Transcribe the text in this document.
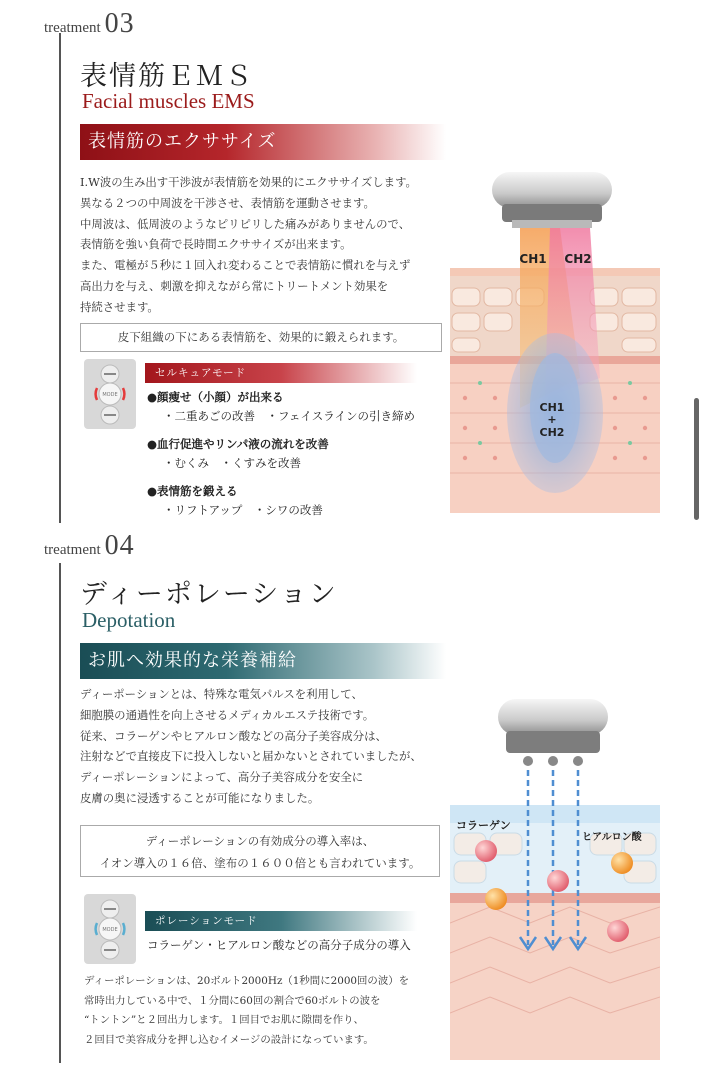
treatment 03
表情筋ＥＭＳ
Facial muscles EMS
表情筋のエクササイズ
I.W波の生み出す干渉波が表情筋を効果的にエクササイズします。
異なる２つの中周波を干渉させ、表情筋を運動させます。
中周波は、低周波のようなピリピリした痛みがありませんので、
表情筋を強い負荷で長時間エクササイズが出来ます。
また、電極が５秒に１回入れ変わることで表情筋に慣れを与えず
高出力を与え、刺激を抑えながら常にトリートメント効果を
持続させます。
皮下組織の下にある表情筋を、効果的に鍛えられます。
MODE
セルキュアモード
●顔瘦せ（小顔）が出来る
・二重あごの改善　・フェイスラインの引き締め
●血行促進やリンパ液の流れを改善
・むくみ　・くすみを改善
●表情筋を鍛える
・リフトアップ　・シワの改善
CH1 CH2
CH1
+
CH2
treatment 04
ディーポレーション
Depotation
お肌へ効果的な栄養補給
ディーポーションとは、特殊な電気パルスを利用して、
細胞膜の通過性を向上させるメディカルエステ技術です。
従来、コラーゲンやヒアルロン酸などの高分子美容成分は、
注射などで直接皮下に投入しないと届かないとされていましたが、
ディーポレーションによって、高分子美容成分を安全に
皮膚の奥に浸透することが可能になりました。
ディーポレーションの有効成分の導入率は、
イオン導入の１６倍、塗布の１６００倍とも言われています。
MODE
ポレーションモード
コラーゲン・ヒアルロン酸などの高分子成分の導入
ディーポレーションは、20ボルト2000Hz（1秒間に2000回の波）を
常時出力している中で、１分間に60回の割合で60ボルトの波を
“トントン”と２回出力します。１回目でお肌に隙間を作り、
２回目で美容成分を押し込むイメージの設計になっています。
コラーゲン
ヒアルロン酸
